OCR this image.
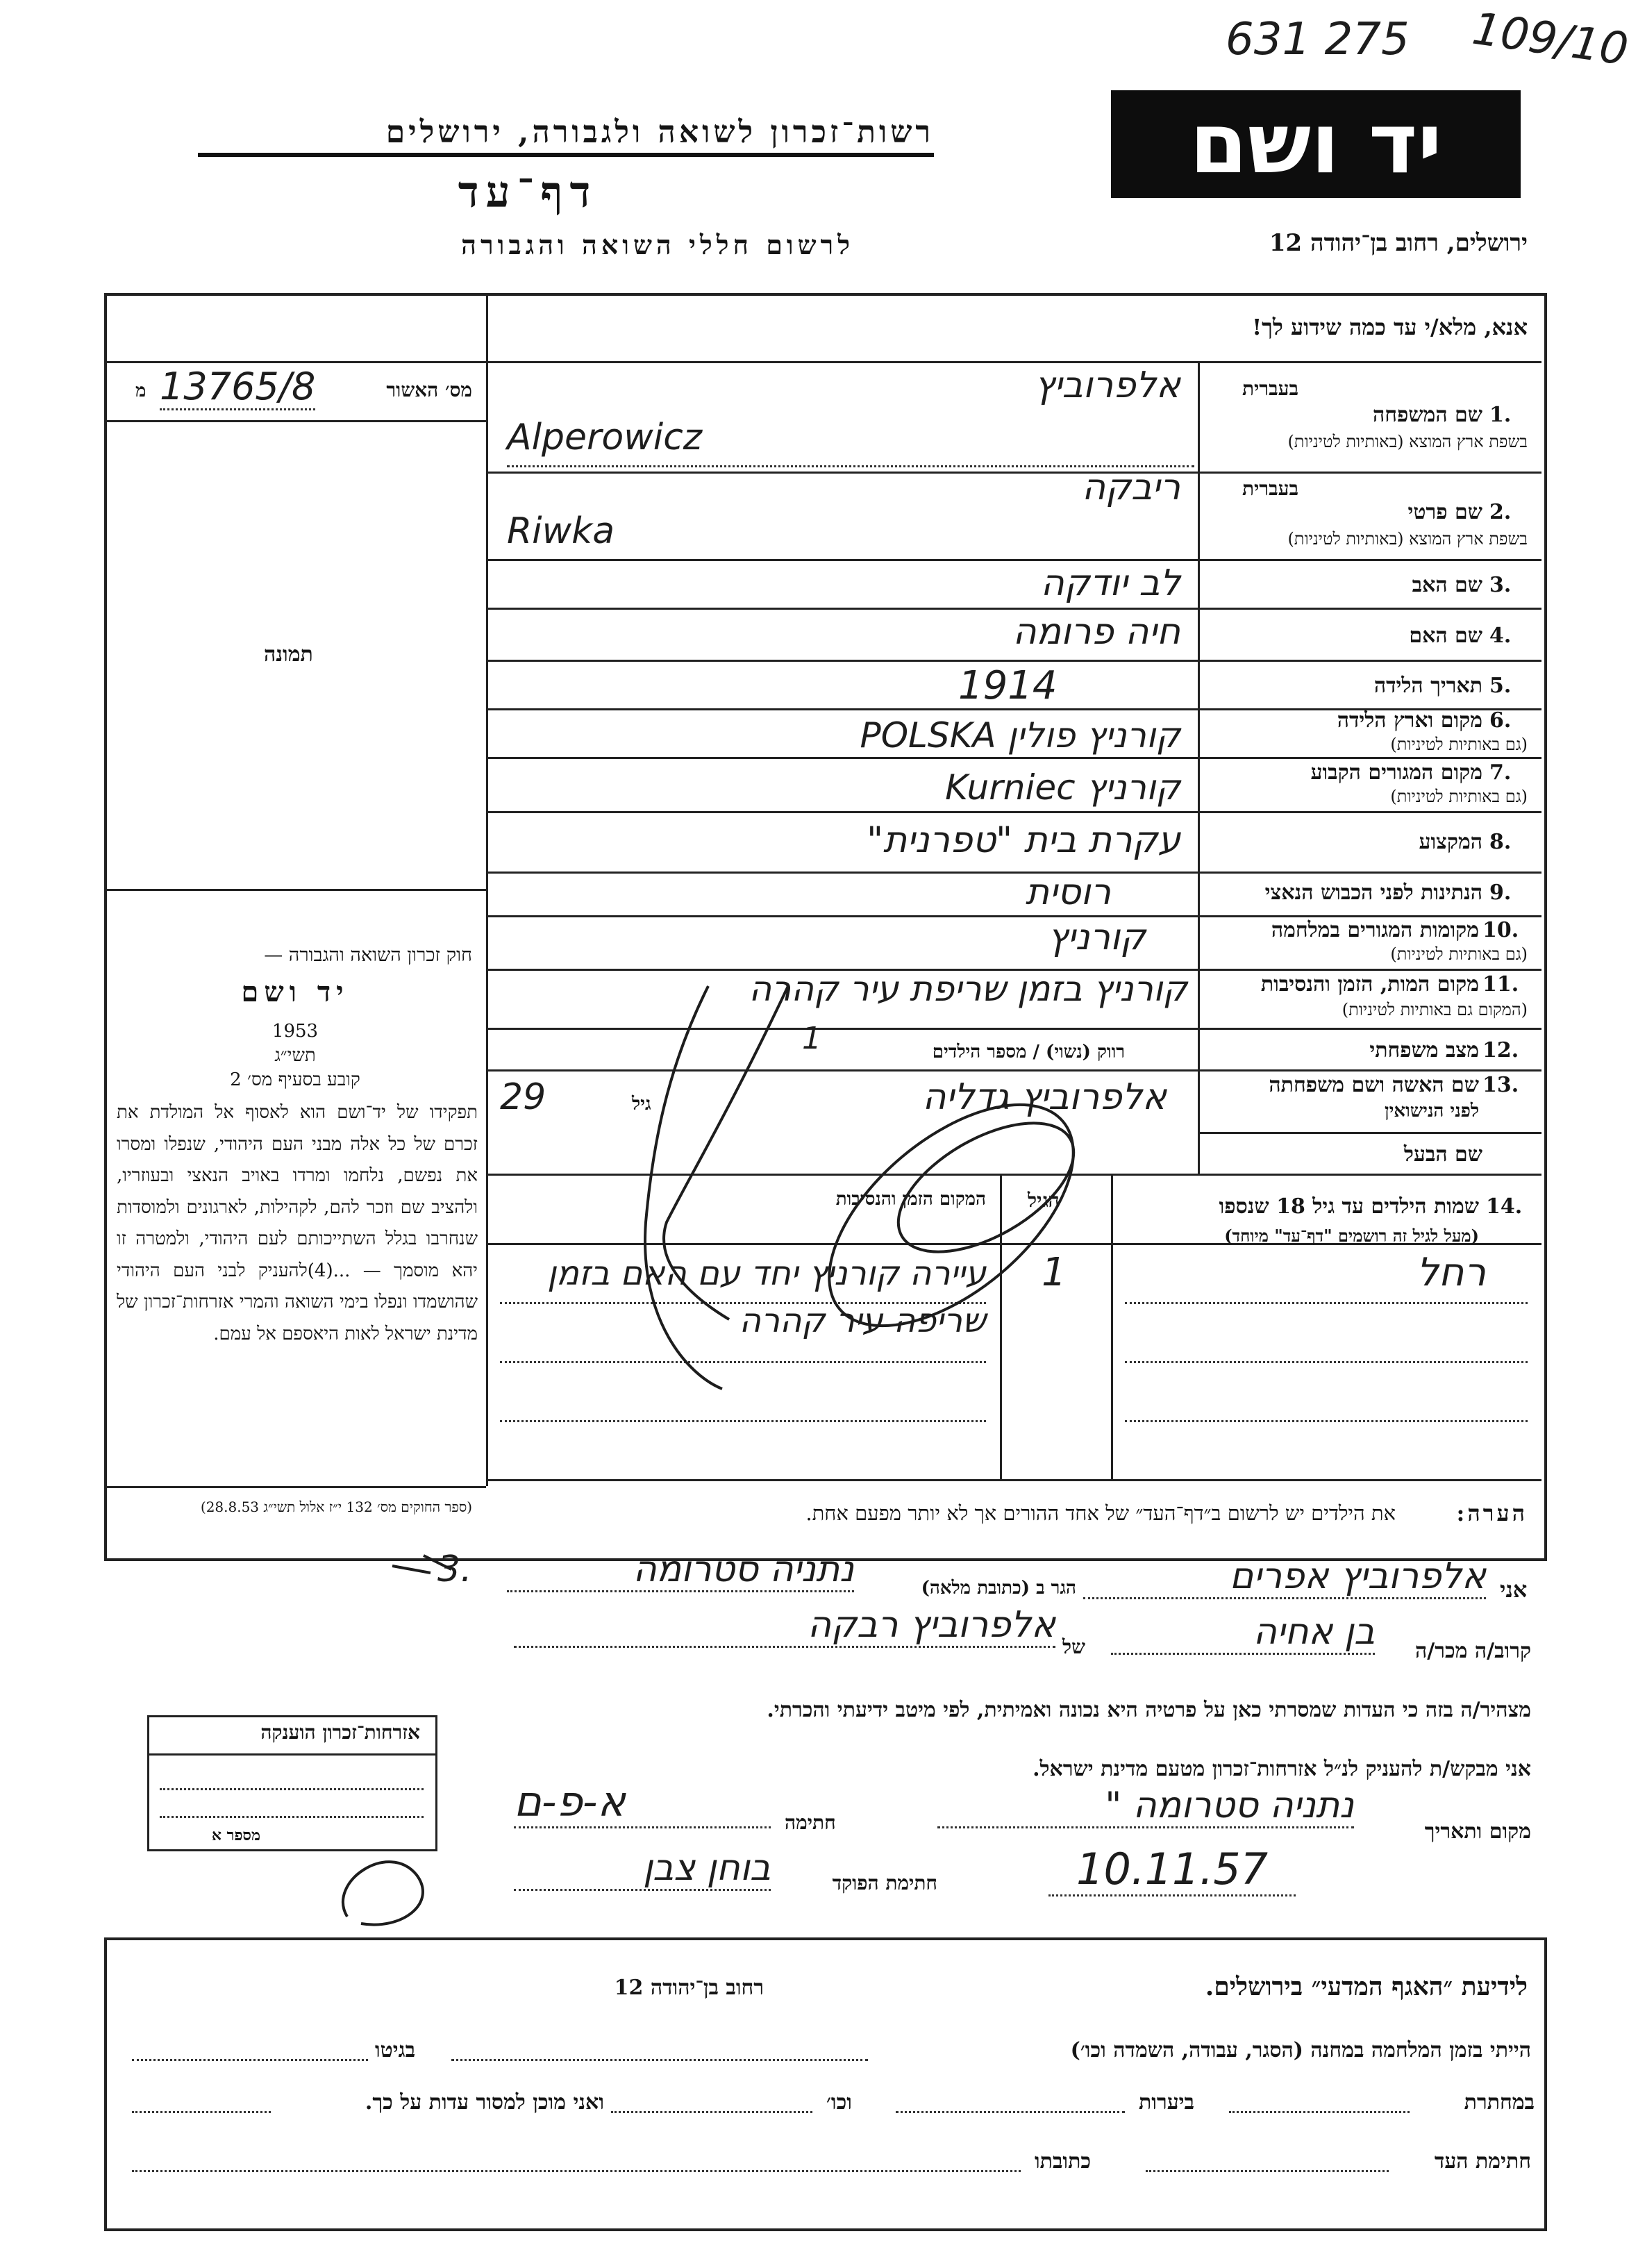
631 275 109/10
רשות־זכרון לשואה ולגבורה, ירושלים
דף־עד
לרשום חללי השואה והגבורה
יד ושם
ירושלים, רחוב בן־יהודה 12
אנא, מלא/י עד כמה שידוע לך!
מס׳ האשור
מ 13765/8
תמונה
חוק זכרון השואה והגבורה —
יד ושם
1953
תשי״ג
קובע בסעיף מס׳ 2
תפקידו של יד־ושם הוא לאסוף אל המולדת את זכרם של כל אלה מבני העם היהודי, שנפלו ומסרו את נפשם, נלחמו ומרדו באויב הנאצי ובעוזריו, ולהציב שם וזכר להם, לקהילות, לארגונים ולמוסדות שנחרבו בגלל השתייכותם לעם היהודי, ולמטרה זו יהא מוסמך — ...(4)להעניק לבני העם היהודי שהושמדו ונפלו בימי השואה והמרי אזרחות־זכרון של מדינת ישראל לאות היאספם אל עמם.
(ספר החוקים מס׳ 132 י״ז אלול תשי״ג 28.8.53)
1.
שם המשפחה
בשפת ארץ המוצא (באותיות לטיניות)
בעברית
אלפרוביץ
Alperowicz
2.
שם פרטי
בשפת ארץ המוצא (באותיות לטיניות)
בעברית
ריבקה
Riwka
3.
שם האב
לב יודקה
4.
שם האם
חיה פרומה
5.
תאריך הלידה
1914
6.
מקום וארץ הלידה
(גם באותיות לטיניות)
קורניץ פולין POLSKA
7.
מקום המגורים הקבוע
(גם באותיות לטיניות)
קורניץ Kurniec
8.
המקצוע
עקרת בית "טפרנית"
9.
הנתינות לפני הכבוש הנאצי
רוסית
10.
מקומות המגורים במלחמה
(גם באותיות לטיניות)
קורניץ
11.
מקום המות, הזמן והנסיבות
(המקום גם באותיות לטיניות)
קורניץ בזמן שריפת עיר קהרה
12.
מצב משפחתי
רווק (נשוי) / מספר הילדים
1
13.
שם האשה ושם משפחתה
לפני הנישואין
אלפרוביץ גדליה
גיל
29
שם הבעל
14.
שמות הילדים עד גיל 18 שנספו
(מעל לגיל זה רושמים "דף־עד" מיוחד)
הגיל
המקום הזמן והנסיבות
רחל
1
עיירה קורניץ יחד עם האם בזמן שריפה עיר קהרה
הערה:
את הילדים יש לרשום ב״דף־העד״ של אחד ההורים אך לא יותר מפעם אחת.
אני
אלפרוביץ אפרים
הגר ב (כתובת מלאה)
נתניה סטרומה
3.
קרוב/ה מכר/ה
בן אחיה
של
אלפרוביץ רבקה
מצהיר/ה בזה כי העדות שמסרתי כאן על פרטיה היא נכונה ואמיתית, לפי מיטב ידיעתי והכרתי.
אזרחות־זכרון הוענקה
מספר א
אני מבקש/ת להעניק לנ״ל אזרחות־זכרון מטעם מדינת ישראל.
מקום ותאריך
נתניה סטרומה "
חתימה
א-פ-ם
10.11.57
חתימת הפוקד
בוחן צבן
לידיעת ״האגף המדעי״ בירושלים.
רחוב בן־יהודה 12
הייתי בזמן המלחמה במחנה (הסגר, עבודה, השמדה וכו׳)
בגיטו
במחתרת
ביערות
וכו׳
ואני מוכן למסור עדות על כך.
חתימת העד
כתובתו
